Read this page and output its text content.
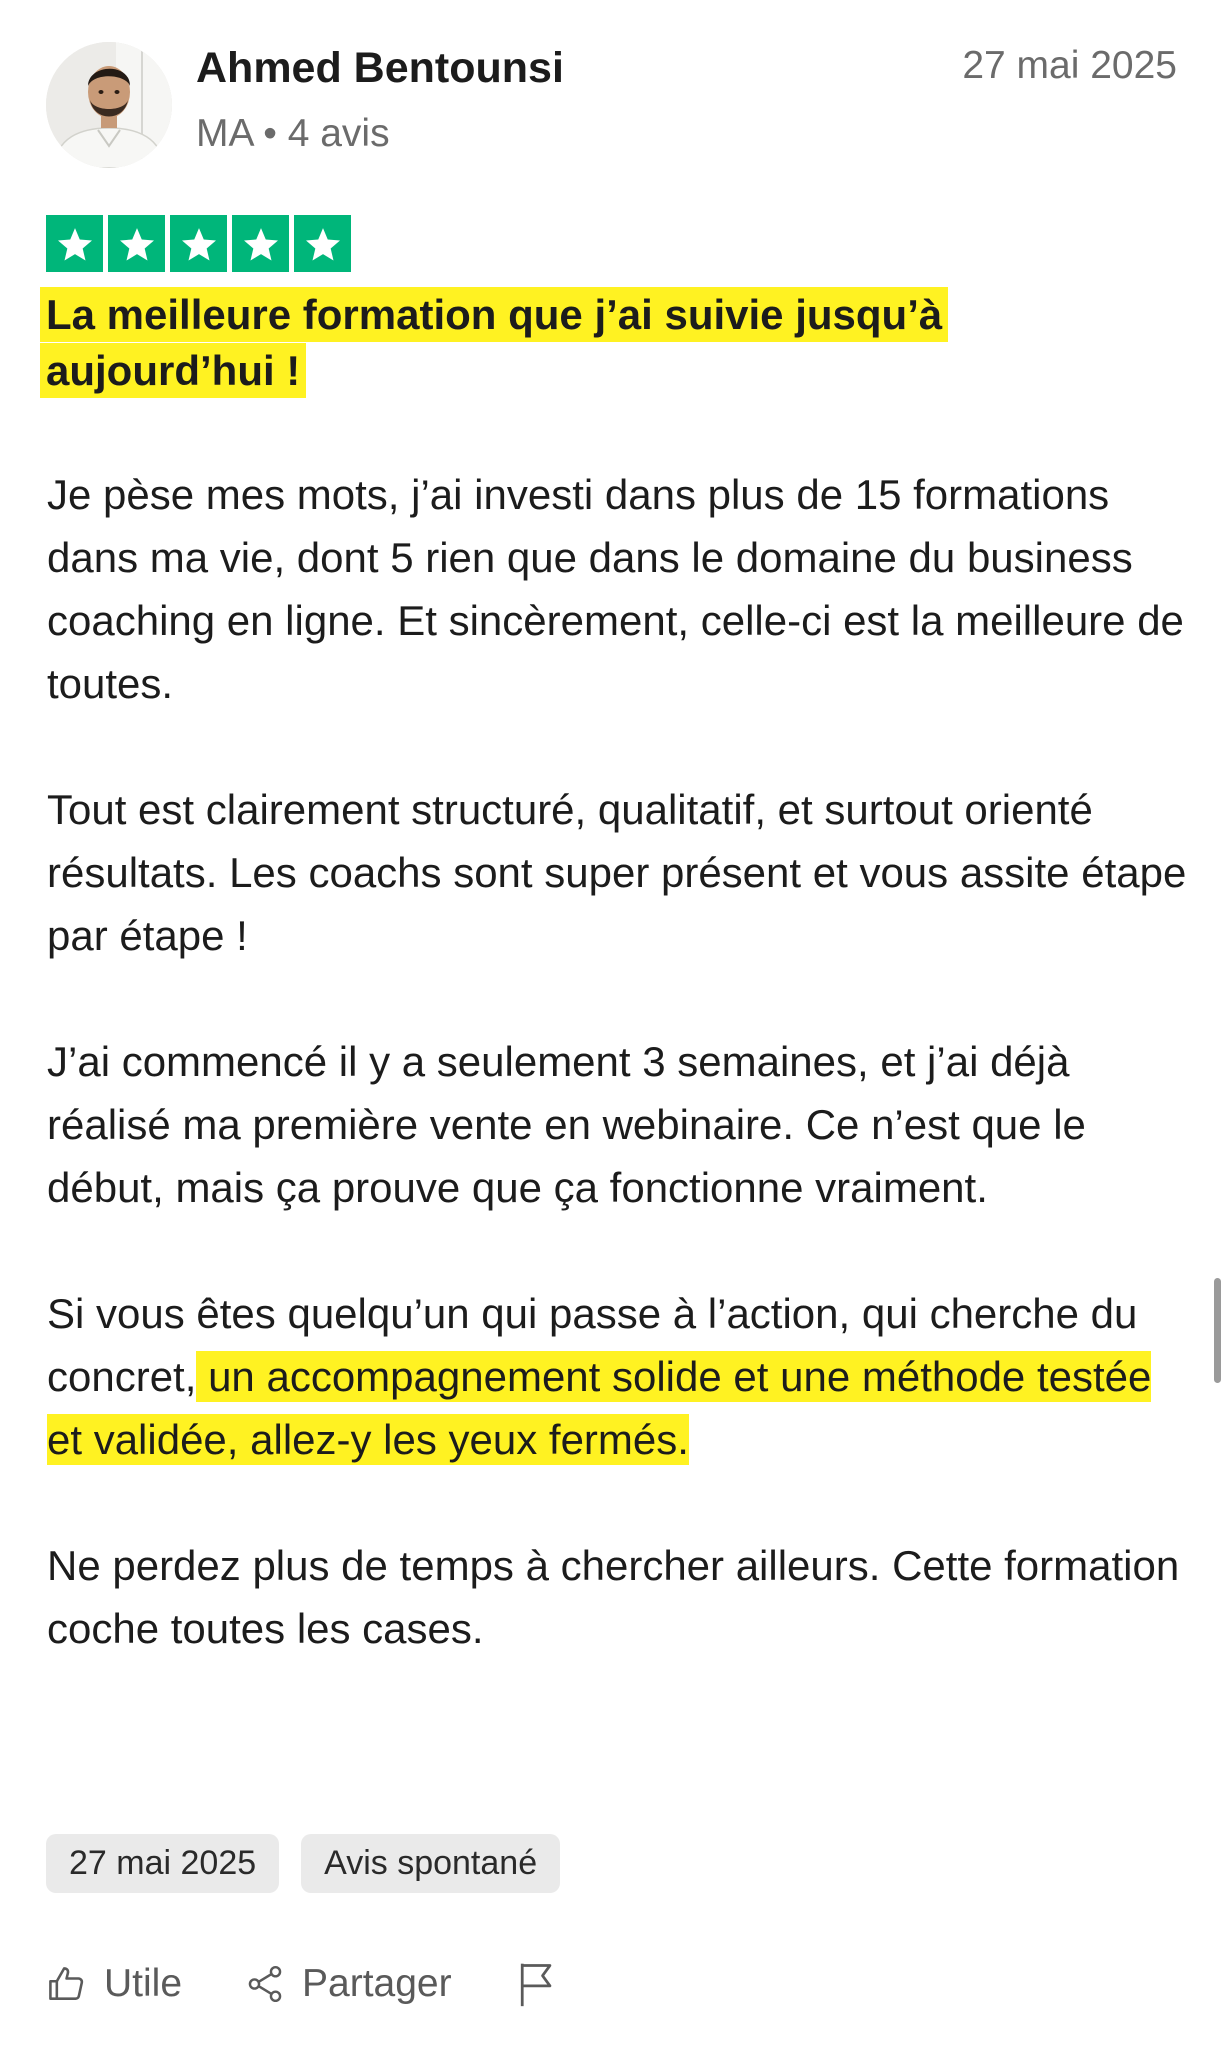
Ahmed Bentounsi
MA • 4 avis
27 mai 2025
La meilleure formation que j’ai suivie jusqu’à aujourd’hui !

Je pèse mes mots, j’ai investi dans plus de 15 formations dans ma vie, dont 5 rien que dans le domaine du business coaching en ligne. Et sincèrement, celle-ci est la meilleure de toutes.

Tout est clairement structuré, qualitatif, et surtout orienté résultats. Les coachs sont super présent et vous assite étape par étape !

J’ai commencé il y a seulement 3 semaines, et j’ai déjà réalisé ma première vente en webinaire. Ce n’est que le début, mais ça prouve que ça fonctionne vraiment.

Si vous êtes quelqu’un qui passe à l’action, qui cherche du concret, un accompagnement solide et une méthode testée et validée, allez-y les yeux fermés.

Ne perdez plus de temps à chercher ailleurs. Cette formation coche toutes les cases.

27 mai 2025	Avis spontané
Utile	Partager
